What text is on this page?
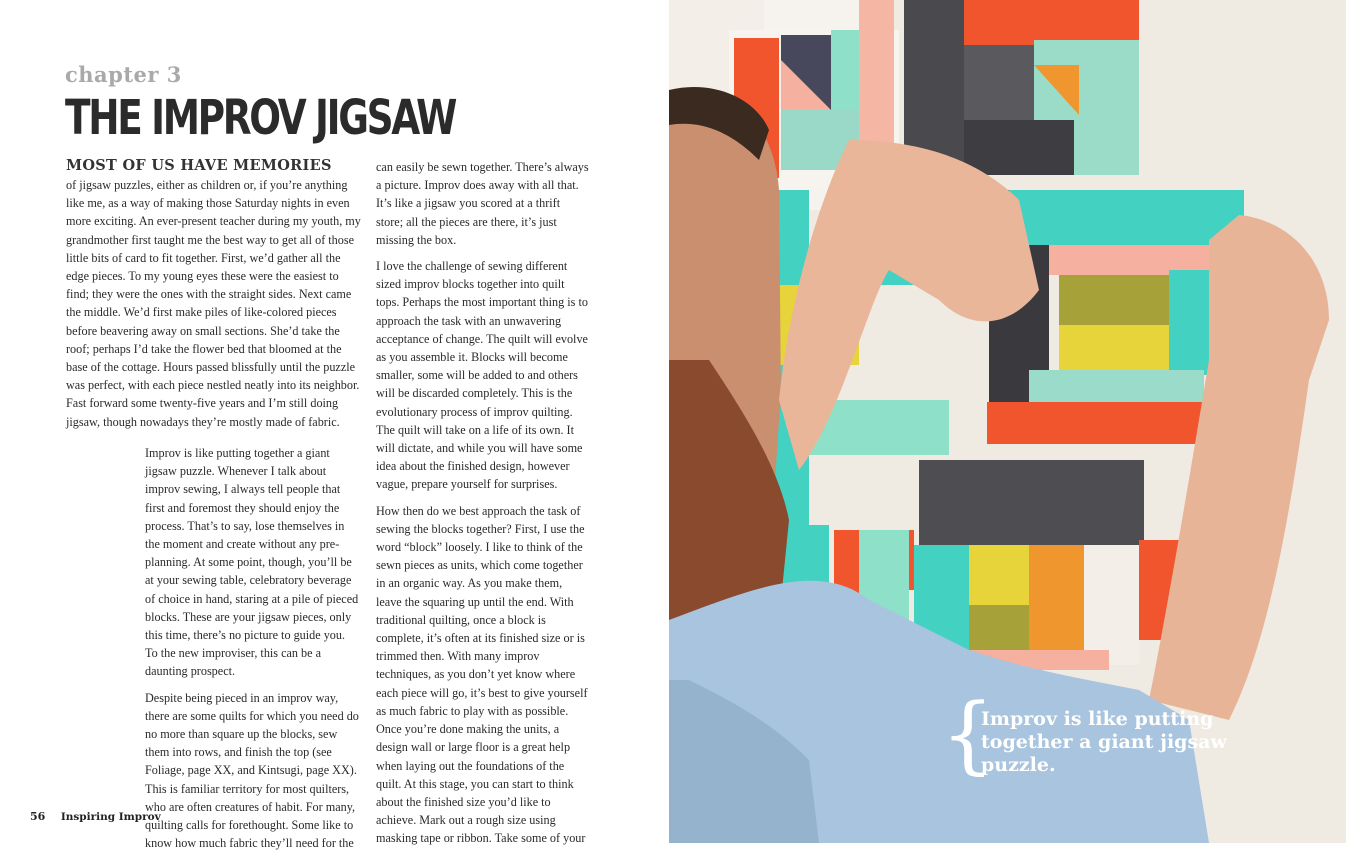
chapter 3
THE IMPROV JIGSAW
MOST OF US HAVE MEMORIES

of jigsaw puzzles, either as children or, if you’re anything like me, as a way of making those Saturday nights in even more exciting. An ever-present teacher during my youth, my grandmother first taught me the best way to get all of those little bits of card to fit together. First, we’d gather all the edge pieces. To my young eyes these were the easiest to find; they were the ones with the straight sides. Next came the middle. We’d first make piles of like-colored pieces before beavering away on small sections. She’d take the roof; perhaps I’d take the flower bed that bloomed at the base of the cottage. Hours passed blissfully until the puzzle was perfect, with each piece nestled neatly into its neighbor. Fast forward some twenty-five years and I’m still doing jigsaw, though nowadays they’re mostly made of fabric.

Improv is like putting together a giant jigsaw puzzle. Whenever I talk about improv sewing, I always tell people that first and foremost they should enjoy the process. That’s to say, lose themselves in the moment and create without any pre-planning. At some point, though, you’ll be at your sewing table, celebratory beverage of choice in hand, staring at a pile of pieced blocks. These are your jigsaw pieces, only this time, there’s no picture to guide you. To the new improviser, this can be a daunting prospect.

Despite being pieced in an improv way, there are some quilts for which you need do no more than square up the blocks, sew them into rows, and finish the top (see Foliage, page XX, and Kintsugi, page XX). This is familiar territory for most quilters, who are often creatures of habit. For many, quilting calls for forethought. Some like to know how much fabric they’ll need for the

can easily be sewn together. There’s always a picture. Improv does away with all that. It’s like a jigsaw you scored at a thrift store; all the pieces are there, it’s just missing the box.

I love the challenge of sewing different sized improv blocks together into quilt tops. Perhaps the most important thing is to approach the task with an unwavering acceptance of change. The quilt will evolve as you assemble it. Blocks will become smaller, some will be added to and others will be discarded completely. This is the evolutionary process of improv quilting. The quilt will take on a life of its own. It will dictate, and while you will have some idea about the finished design, however vague, prepare yourself for surprises.

How then do we best approach the task of sewing the blocks together? First, I use the word “block” loosely. I like to think of the sewn pieces as units, which come together in an organic way. As you make them, leave the squaring up until the end. With traditional quilting, once a block is complete, it’s often at its finished size or is trimmed then. With many improv techniques, as you don’t yet know where each piece will go, it’s best to give yourself as much fabric to play with as possible. Once you’re done making the units, a design wall or large floor is a great help when laying out the foundations of the quilt. At this stage, you can start to think about the finished size you’d like to achieve. Mark out a rough size using masking tape or ribbon. Take some of your

56 Inspiring Improv
{
Improv is like putting together a giant jigsaw puzzle.
